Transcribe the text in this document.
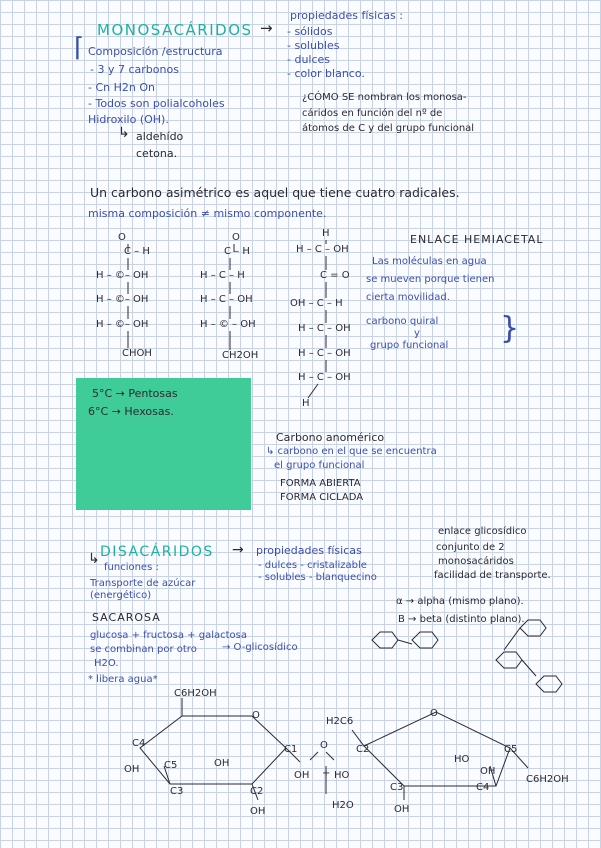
MONOSACÁRIDOS →
propiedades físicas :
- sólidos
- solubles
- dulces
- color blanco.
⌈ Composición /estructura
- 3 y 7 carbonos
- Cn H2n On
- Todos son polialcoholes
Hidroxilo (OH).
↳ aldehído
cetona.
¿CÓMO SE nombran los monosa-
cáridos en función del nº de
átomos de C y del grupo funcional
Un carbono asimétrico es aquel que tiene cuatro radicales.
misma composición ≠ mismo componente.
O
C – H
H – ©– OH
H – ©– OH
H – ©– OH
CHOH
O
C – H
H – C – H
H – C – OH
H – © – OH
CH2OH
H
H – C – OH
C = O
OH – C – H
H – C – OH
H – C – OH
H – C – OH
H
ENLACE HEMIACETAL
Las moléculas en agua
se mueven porque tienen
cierta movilidad.
carbono quiral
y
grupo funcional }
5°C → Pentosas
6°C → Hexosas.
Carbono anomérico
↳ carbono en el que se encuentra
el grupo funcional
FORMA ABIERTA
FORMA CICLADA
DISACÁRIDOS → propiedades físicas
- dulces - cristalizable
- solubles - blanquecino
↳
funciones :
Transporte de azúcar
(energético)
enlace glicosídico
conjunto de 2
monosacáridos
facilidad de transporte.
SACAROSA
glucosa + fructosa + galactosa
se combinan por otro
H2O.
→ O-glicosídico
* libera agua*
α → alpha (mismo plano).
B → beta (distinto plano).
C6H2OH
O
H2C6
O
OH
C4
C1
C2
C3
C5	OH
O
OH + HO
C2
C3	C4
C5
HO
OH
C6H2OH
OH
H2O
OH
